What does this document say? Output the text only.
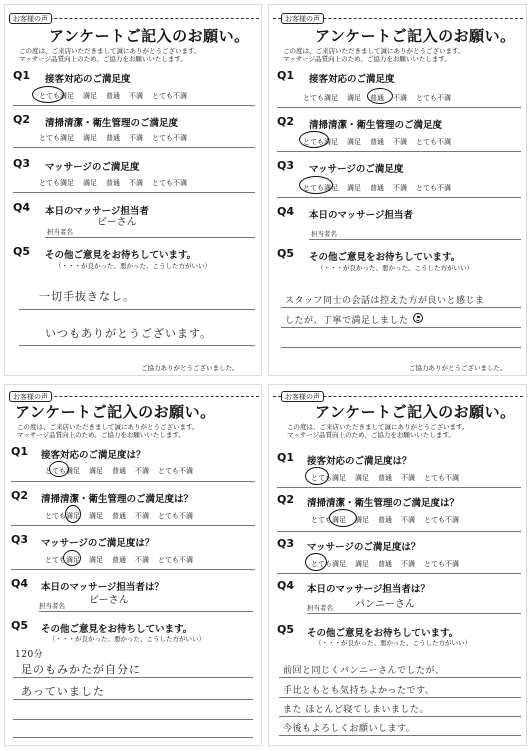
お客様の声
アンケートご記入のお願い。
この度は、ご来店いただきまして誠にありがとうございます。
マッサージ品質向上のため、ご協力をお願いいたします。
Q1 接客対応のご満足度
とても満足 満足 普通 不満 とても不満
Q2 清掃清潔・衛生管理のご満足度
とても満足 満足 普通 不満 とても不満
Q3 マッサージのご満足度
とても満足 満足 普通 不満 とても不満
Q4 本日のマッサージ担当者
担当者名
ビーさん
Q5 その他ご意見をお待ちしています。
（・・・が良かった、悪かった、こうした方がいい）
一切手抜きなし。
いつもありがとうございます。
ご協力ありがとうございました。
お客様の声
アンケートご記入のお願い。
この度は、ご来店いただきまして誠にありがとうございます。
マッサージ品質向上のため、ご協力をお願いいたします。
Q1 接客対応のご満足度
とても満足 満足 普通 不満 とても不満
Q2 清掃清潔・衛生管理のご満足度
とても満足 満足 普通 不満 とても不満
Q3 マッサージのご満足度
とても満足 満足 普通 不満 とても不満
Q4 本日のマッサージ担当者
担当者名
Q5 その他ご意見をお待ちしています。
（・・・が良かった、悪かった、こうした方がいい）
スタッフ同士の会話は控えた方が良いと感じま
したが、丁寧で満足しました
ご協力ありがとうございました。
お客様の声
アンケートご記入のお願い。
この度は、ご来店いただきまして誠にありがとうございます。
マッサージ品質向上のため、ご協力をお願いいたします。
Q1 接客対応のご満足度は？
とても満足 満足 普通 不満 とても不満
Q2 清掃清潔・衛生管理のご満足度は？
とても満足 満足 普通 不満 とても不満
Q3 マッサージのご満足度は？
とても満足 満足 普通 不満 とても不満
Q4 本日のマッサージ担当者は？
担当者名 ビーさん
Q5 その他ご意見をお待ちしています。
（・・・が良かった、悪かった、こうした方がいい）
120分
足のもみかたが自分に
あっていました
お客様の声
アンケートご記入のお願い。
この度は、ご来店いただきまして誠にありがとうございます。
マッサージ品質向上のため、ご協力をお願いいたします。
Q1 接客対応のご満足度は？
とても満足 満足 普通 不満 とても不満
Q2 清掃清潔・衛生管理のご満足度は？
とても満足 満足 普通 不満 とても不満
Q3 マッサージのご満足度は？
とても満足 満足 普通 不満 とても不満
Q4 本日のマッサージ担当者は？
担当者名 パンニーさん
Q5 その他ご意見をお待ちしています。
（・・・が良かった、悪かった、こうした方がいい）
前回と同じくパンニーさんでしたが、
手比ともとも気持ちよかったです。
また ほとんど寝てしまいました。
今後もよろしくお願いします。
